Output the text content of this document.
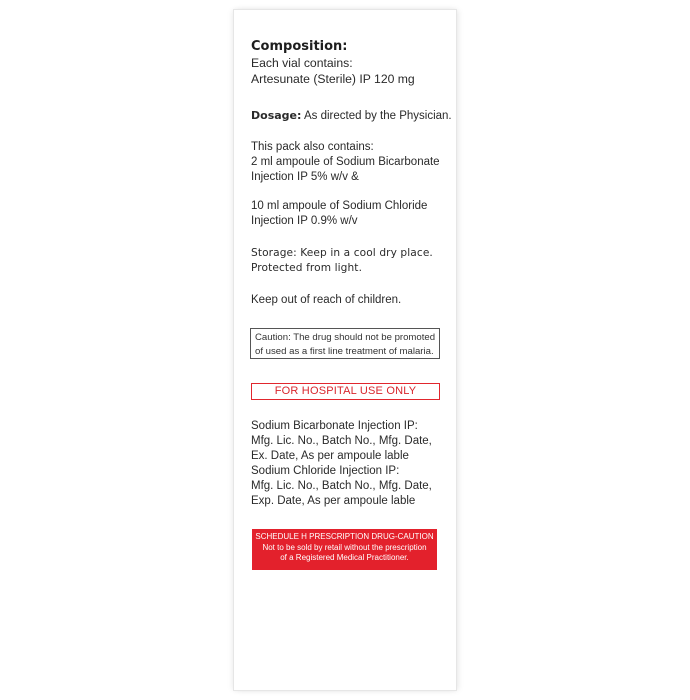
Composition:
Each vial contains:
Artesunate (Sterile) IP 120 mg
Dosage: As directed by the Physician.
This pack also contains:
2 ml ampoule of Sodium Bicarbonate
Injection IP 5% w/v &
10 ml ampoule of Sodium Chloride
Injection IP 0.9% w/v
Storage: Keep in a cool dry place.
Protected from light.
Keep out of reach of children.
Caution: The drug should not be promoted
of used as a first line treatment of malaria.
FOR HOSPITAL USE ONLY
Sodium Bicarbonate Injection IP:
Mfg. Lic. No., Batch No., Mfg. Date,
Ex. Date, As per ampoule lable
Sodium Chloride Injection IP:
Mfg. Lic. No., Batch No., Mfg. Date,
Exp. Date, As per ampoule lable
SCHEDULE H PRESCRIPTION DRUG-CAUTION
Not to be sold by retail without the prescription
of a Registered Medical Practitioner.
